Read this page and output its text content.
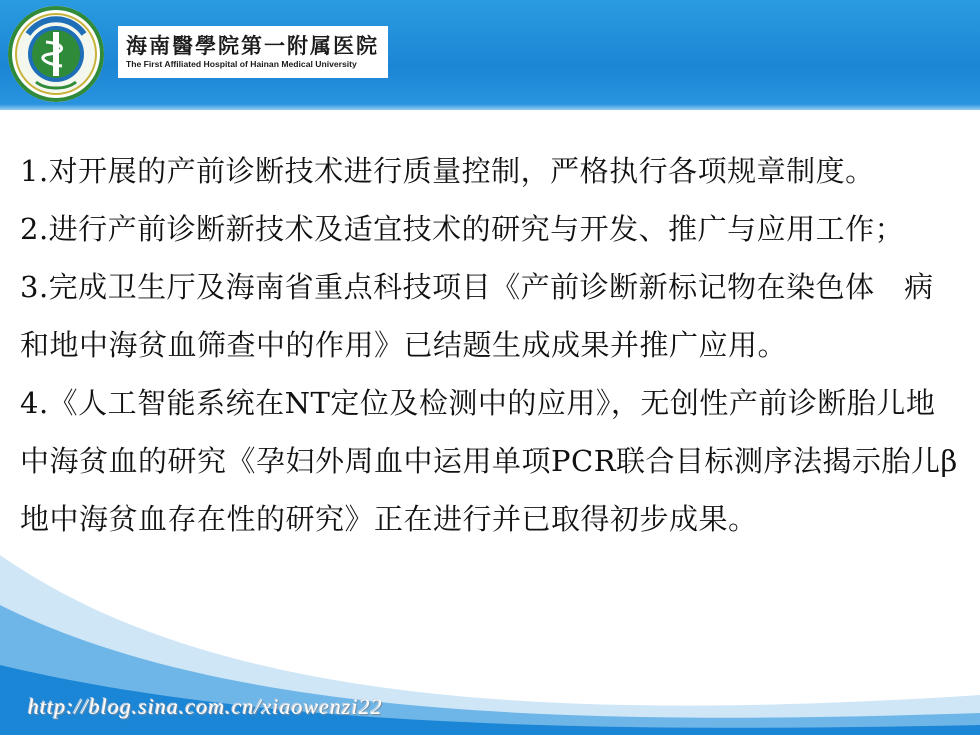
海南醫學院第一附属医院
The First Affiliated Hospital of Hainan Medical University

1.对开展的产前诊断技术进行质量控制，严格执行各项规章制度。

2.进行产前诊断新技术及适宜技术的研究与开发、推广与应用工作；

3.完成卫生厅及海南省重点科技项目《产前诊断新标记物在染色体　病和地中海贫血筛查中的作用》已结题生成成果并推广应用。

4.《人工智能系统在NT定位及检测中的应用》，无创性产前诊断胎儿地中海贫血的研究《孕妇外周血中运用单项PCR联合目标测序法揭示胎儿β地中海贫血存在性的研究》正在进行并已取得初步成果。

http://blog.sina.com.cn/xiaowenzi22
